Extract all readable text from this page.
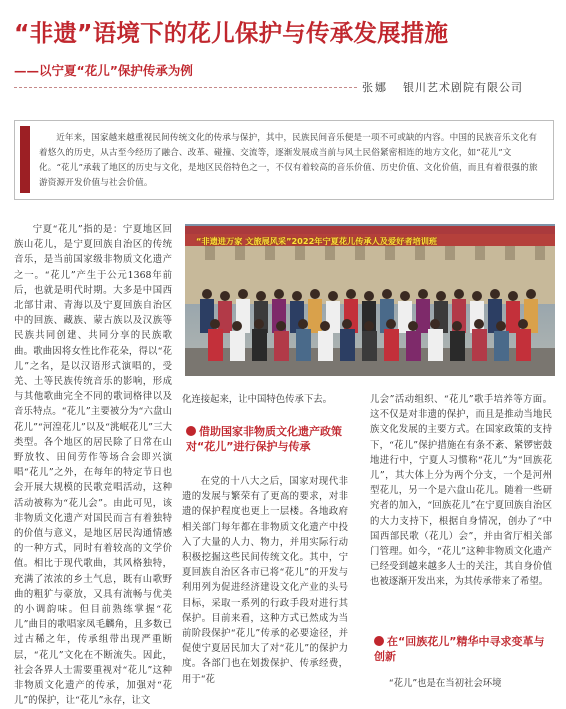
“非遗”语境下的花儿保护与传承发展措施
——以宁夏“花儿”保护传承为例
张娜 银川艺术剧院有限公司
近年来，国家越来越重视民间传统文化的传承与保护，其中，民族民间音乐便是一项不可或缺的内容。中国的民族音乐文化有着悠久的历史，从古至今经历了融合、改革、碰撞、交流等，逐渐发展成当前与风土民俗紧密相连的地方文化，如“花儿”文化。“花儿”承载了地区的历史与文化，是地区民俗特色之一，不仅有着较高的音乐价值、历史价值、文化价值，而且有着很强的旅游资源开发价值与社会价值。

宁夏“花儿”指的是：宁夏地区回族山花儿，是宁夏回族自治区的传统音乐，是当前国家级非物质文化遗产之一。“花儿”产生于公元1368年前后，也就是明代时期。大多是中国西北部甘肃、青海以及宁夏回族自治区中的回族、藏族、蒙古族以及汉族等民族共同创建、共同分享的民族歌曲。歌曲因将女性比作花朵，得以“花儿”之名，是以汉语形式演唱的，受羌、土等民族传统音乐的影响，形成与其他歌曲完全不同的歌词格律以及音乐特点。“花儿”主要被分为“六盘山花儿”“河湟花儿”以及“洮岷花儿”三大类型。各个地区的居民除了日常在山野放牧、田间劳作等场合会即兴演唱“花儿”之外，在每年的特定节日也会开展大规模的民歌竞唱活动，这种活动被称为“花儿会”。由此可见，该非物质文化遗产对国民而言有着独特的价值与意义，是地区居民沟通情感的一种方式，同时有着较高的文学价值。相比于现代歌曲，其风格独特，充满了浓浓的乡土气息，既有山歌野曲的粗犷与豪放，又具有流畅与优美的小调韵味。但目前熟练掌握“花儿”曲目的歌唱家凤毛麟角，且多数已过古稀之年，传承组带出现严重断层，“花儿”文化在不断流失。因此，社会各界人士需要重视对“花儿”这种非物质文化遗产的传承，加强对“花儿”的保护，让“花儿”永存，让文

“非遗进万家 文旅展风采”2022年宁夏花儿传承人及爱好者培训班

化连接起来，让中国特色传承下去。

借助国家非物质文化遗产政策对“花儿”进行保护与传承

在党的十八大之后，国家对现代非遗的发展与繁荣有了更高的要求，对非遗的保护程度也更上一层楼。各地政府相关部门每年都在非物质文化遗产中投入了大量的人力、物力，并用实际行动积极挖掘这些民间传统文化。其中，宁夏回族自治区各市已将“花儿”的开发与利用列为促进经济建设文化产业的头号目标，采取一系列的行政手段对进行其保护。目前来看，这种方式已然成为当前阶段保护“花儿”传承的必要途径，并促使宁夏居民加大了对“花儿”的保护力度。各部门也在划拨保护、传承经费，用于“花

儿会”活动组织、“花儿”歌手培养等方面。这不仅是对非遗的保护，而且是推动当地民族文化发展的主要方式。在国家政策的支持下，“花儿”保护措施在有条不紊、紧锣密鼓地进行中，宁夏人习惯称“花儿”为“回族花儿”，其大体上分为两个分支，一个是河州型花儿，另一个是六盘山花儿。随着一些研究者的加入，“回族花儿”在宁夏回族自治区的大力支持下，根据自身情况，创办了“中国西部民歌（花儿）会”，并由省厅相关部门管理。如今，“花儿”这种非物质文化遗产已经受到越来越多人士的关注，其自身价值也被逐渐开发出来，为其传承带来了希望。

在“回族花儿”精华中寻求变革与创新

“花儿”也是在当初社会环境
